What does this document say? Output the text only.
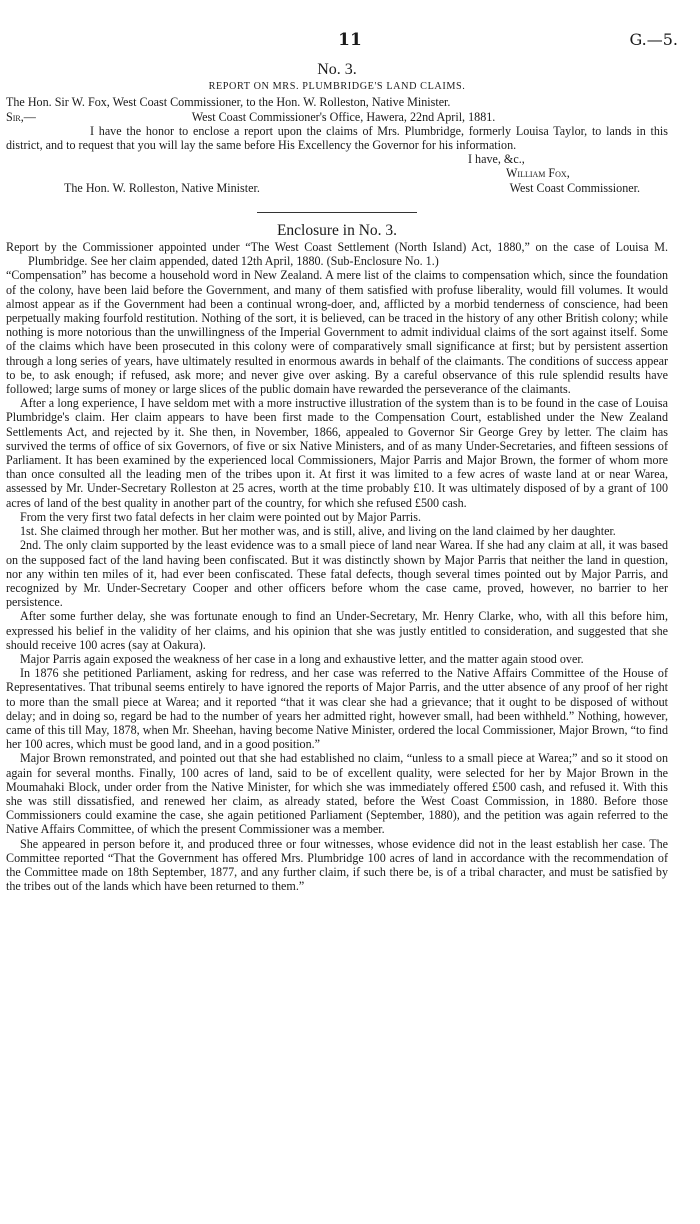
11	G.—5.
No. 3.
REPORT ON MRS. PLUMBRIDGE'S LAND CLAIMS.
The Hon. Sir W. Fox, West Coast Commissioner, to the Hon. W. Rolleston, Native Minister.
Sir,—	West Coast Commissioner's Office, Hawera, 22nd April, 1881.

I have the honor to enclose a report upon the claims of Mrs. Plumbridge, formerly Louisa Taylor, to lands in this district, and to request that you will lay the same before His Excellency the Governor for his information.

I have, &c.,
William Fox,
The Hon. W. Rolleston, Native Minister.	West Coast Commissioner.
Enclosure in No. 3.

Report by the Commissioner appointed under “The West Coast Settlement (North Island) Act, 1880,” on the case of Louisa M. Plumbridge. See her claim appended, dated 12th April, 1880. (Sub-Enclosure No. 1.)

“Compensation” has become a household word in New Zealand. A mere list of the claims to compensation which, since the foundation of the colony, have been laid before the Government, and many of them satisfied with profuse liberality, would fill volumes. It would almost appear as if the Government had been a continual wrong-doer, and, afflicted by a morbid tenderness of conscience, had been perpetually making fourfold restitution. Nothing of the sort, it is believed, can be traced in the history of any other British colony; while nothing is more notorious than the unwillingness of the Imperial Government to admit individual claims of the sort against itself. Some of the claims which have been prosecuted in this colony were of comparatively small significance at first; but by persistent assertion through a long series of years, have ultimately resulted in enormous awards in behalf of the claimants. The conditions of success appear to be, to ask enough; if refused, ask more; and never give over asking. By a careful observance of this rule splendid results have followed; large sums of money or large slices of the public domain have rewarded the perseverance of the claimants.

After a long experience, I have seldom met with a more instructive illustration of the system than is to be found in the case of Louisa Plumbridge's claim. Her claim appears to have been first made to the Compensation Court, established under the New Zealand Settlements Act, and rejected by it. She then, in November, 1866, appealed to Governor Sir George Grey by letter. The claim has survived the terms of office of six Governors, of five or six Native Ministers, and of as many Under-Secretaries, and fifteen sessions of Parliament. It has been examined by the experienced local Commissioners, Major Parris and Major Brown, the former of whom more than once consulted all the leading men of the tribes upon it. At first it was limited to a few acres of waste land at or near Warea, assessed by Mr. Under-Secretary Rolleston at 25 acres, worth at the time probably £10. It was ultimately disposed of by a grant of 100 acres of land of the best quality in another part of the country, for which she refused £500 cash.

From the very first two fatal defects in her claim were pointed out by Major Parris.

1st. She claimed through her mother. But her mother was, and is still, alive, and living on the land claimed by her daughter.

2nd. The only claim supported by the least evidence was to a small piece of land near Warea. If she had any claim at all, it was based on the supposed fact of the land having been confiscated. But it was distinctly shown by Major Parris that neither the land in question, nor any within ten miles of it, had ever been confiscated. These fatal defects, though several times pointed out by Major Parris, and recognized by Mr. Under-Secretary Cooper and other officers before whom the case came, proved, however, no barrier to her persistence.

After some further delay, she was fortunate enough to find an Under-Secretary, Mr. Henry Clarke, who, with all this before him, expressed his belief in the validity of her claims, and his opinion that she was justly entitled to consideration, and suggested that she should receive 100 acres (say at Oakura).

Major Parris again exposed the weakness of her case in a long and exhaustive letter, and the matter again stood over.

In 1876 she petitioned Parliament, asking for redress, and her case was referred to the Native Affairs Committee of the House of Representatives. That tribunal seems entirely to have ignored the reports of Major Parris, and the utter absence of any proof of her right to more than the small piece at Warea; and it reported “that it was clear she had a grievance; that it ought to be disposed of without delay; and in doing so, regard be had to the number of years her admitted right, however small, had been withheld.” Nothing, however, came of this till May, 1878, when Mr. Sheehan, having become Native Minister, ordered the local Commissioner, Major Brown, “to find her 100 acres, which must be good land, and in a good position.”

Major Brown remonstrated, and pointed out that she had established no claim, “unless to a small piece at Warea;” and so it stood on again for several months. Finally, 100 acres of land, said to be of excellent quality, were selected for her by Major Brown in the Moumahaki Block, under order from the Native Minister, for which she was immediately offered £500 cash, and refused it. With this she was still dissatisfied, and renewed her claim, as already stated, before the West Coast Commission, in 1880. Before those Commissioners could examine the case, she again petitioned Parliament (September, 1880), and the petition was again referred to the Native Affairs Committee, of which the present Commissioner was a member.

She appeared in person before it, and produced three or four witnesses, whose evidence did not in the least establish her case. The Committee reported “That the Government has offered Mrs. Plumbridge 100 acres of land in accordance with the recommendation of the Committee made on 18th September, 1877, and any further claim, if such there be, is of a tribal character, and must be satisfied by the tribes out of the lands which have been returned to them.”
